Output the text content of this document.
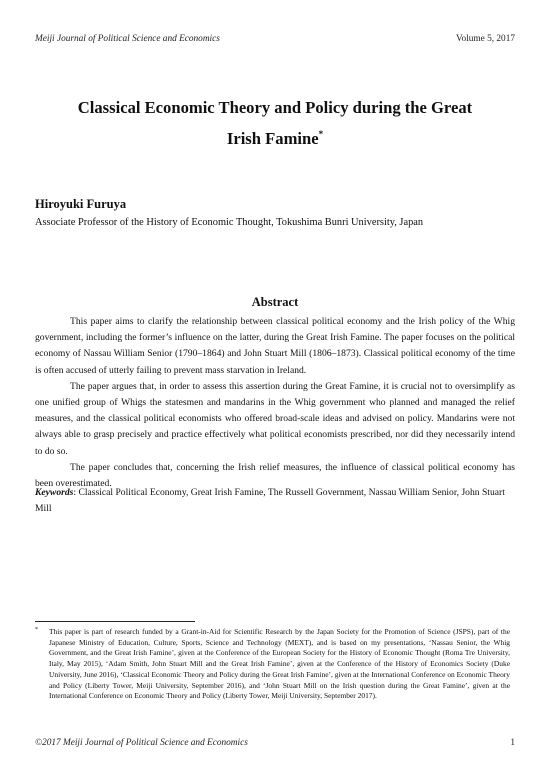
Meiji Journal of Political Science and Economics	Volume 5, 2017
Classical Economic Theory and Policy during the Great
Irish Famine*
Hiroyuki Furuya
Associate Professor of the History of Economic Thought, Tokushima Bunri University, Japan
Abstract

This paper aims to clarify the relationship between classical political economy and the Irish policy of the Whig government, including the former’s influence on the latter, during the Great Irish Famine. The paper focuses on the political economy of Nassau William Senior (1790–1864) and John Stuart Mill (1806–1873). Classical political economy of the time is often accused of utterly failing to prevent mass starvation in Ireland.

The paper argues that, in order to assess this assertion during the Great Famine, it is crucial not to oversimplify as one unified group of Whigs the statesmen and mandarins in the Whig government who planned and managed the relief measures, and the classical political economists who offered broad-scale ideas and advised on policy. Mandarins were not always able to grasp precisely and practice effectively what political economists prescribed, nor did they necessarily intend to do so.

The paper concludes that, concerning the Irish relief measures, the influence of classical political economy has been overestimated.

Keywords: Classical Political Economy, Great Irish Famine, The Russell Government, Nassau William Senior, John Stuart Mill
*	This paper is part of research funded by a Grant-in-Aid for Scientific Research by the Japan Society for the Promotion of Science (JSPS), part of the Japanese Ministry of Education, Culture, Sports, Science and Technology (MEXT), and is based on my presentations, ‘Nassau Senior, the Whig Government, and the Great Irish Famine’, given at the Conference of the European Society for the History of Economic Thought (Roma Tre University, Italy, May 2015), ‘Adam Smith, John Stuart Mill and the Great Irish Famine’, given at the Conference of the History of Economics Society (Duke University, June 2016), ‘Classical Economic Theory and Policy during the Great Irish Famine’, given at the International Conference on Economic Theory and Policy (Liberty Tower, Meiji University, September 2016), and ‘John Stuart Mill on the Irish question during the Great Famine’, given at the International Conference on Economic Theory and Policy (Liberty Tower, Meiji University, September 2017).
©2017 Meiji Journal of Political Science and Economics	1
